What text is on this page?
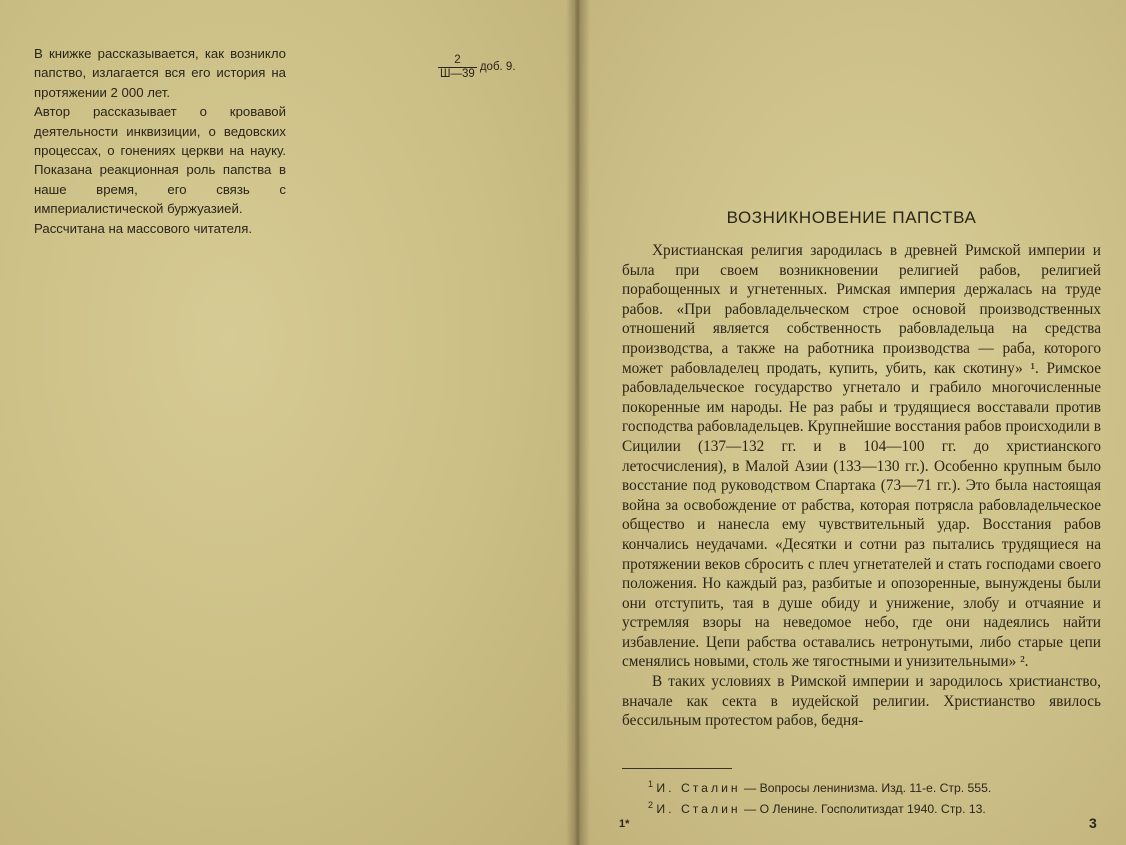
В книжке рассказывается, как возникло папство, излагается вся его история на протяжении 2 000 лет.

Автор рассказывает о кровавой деятельности инквизиции, о ведовских процессах, о гонениях церкви на науку. Показана реакционная роль папства в наше время, его связь с империалистической буржуазией.

Рассчитана на массового читателя.

$\frac{2}{Ш—39}$ доб. 9.
ВОЗНИКНОВЕНИЕ ПАПСТВА

Христианская религия зародилась в древней Римской империи и была при своем возникновении религией рабов, религией порабощенных и угнетенных. Римская империя держалась на труде рабов. «При рабовладельческом строе основой производственных отношений является собственность рабовладельца на средства производства, а также на работника производства — раба, которого может рабовладелец продать, купить, убить, как скотину» ¹. Римское рабовладельческое государство угнетало и грабило многочисленные покоренные им народы. Не раз рабы и трудящиеся восставали против господства рабовладельцев. Крупнейшие восстания рабов происходили в Сицилии (137—132 гг. и в 104—100 гг. до христианского летосчисления), в Малой Азии (133—130 гг.). Особенно крупным было восстание под руководством Спартака (73—71 гг.). Это была настоящая война за освобождение от рабства, которая потрясла рабовладельческое общество и нанесла ему чувствительный удар. Восстания рабов кончались неудачами. «Десятки и сотни раз пытались трудящиеся на протяжении веков сбросить с плеч угнетателей и стать господами своего положения. Но каждый раз, разбитые и опозоренные, вынуждены были они отступить, тая в душе обиду и унижение, злобу и отчаяние и устремляя взоры на неведомое небо, где они надеялись найти избавление. Цепи рабства оставались нетронутыми, либо старые цепи сменялись новыми, столь же тягостными и унизительными» ².

В таких условиях в Римской империи и зародилось христианство, вначале как секта в иудейской религии. Христианство явилось бессильным протестом рабов, бедня-

$^1$ И. Сталин — Вопросы ленинизма. Изд. 11-е. Стр. 555.
$^2$ И. Сталин — О Ленине. Госполитиздат 1940. Стр. 13.
1*	3
